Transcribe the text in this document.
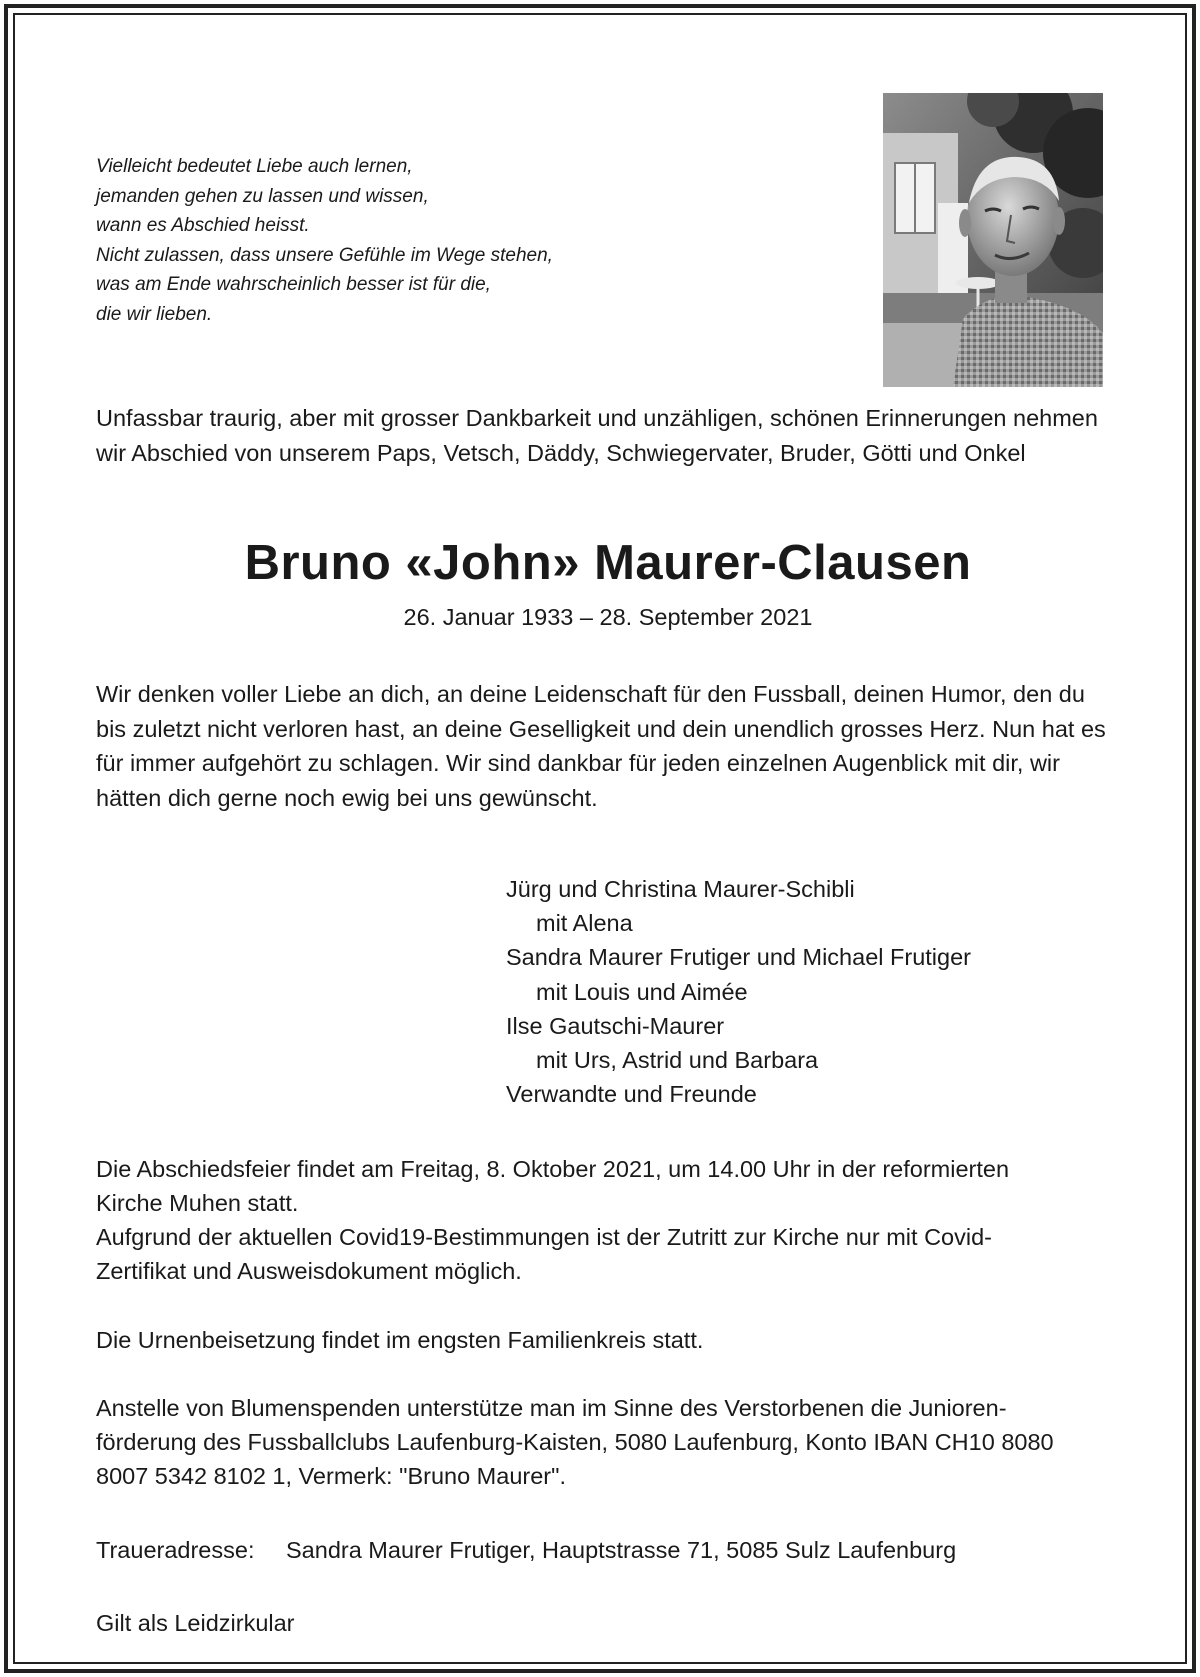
Vielleicht bedeutet Liebe auch lernen,
jemanden gehen zu lassen und wissen,
wann es Abschied heisst.
Nicht zulassen, dass unsere Gefühle im Wege stehen,
was am Ende wahrscheinlich besser ist für die,
die wir lieben.
Unfassbar traurig, aber mit grosser Dankbarkeit und unzähligen, schönen Erinnerungen nehmen wir Abschied von unserem Paps, Vetsch, Däddy, Schwiegervater, Bruder, Götti und Onkel
Bruno «John» Maurer-Clausen
26. Januar 1933 – 28. September 2021
Wir denken voller Liebe an dich, an deine Leidenschaft für den Fussball, deinen Humor, den du bis zuletzt nicht verloren hast, an deine Geselligkeit und dein unendlich grosses Herz. Nun hat es für immer aufgehört zu schlagen. Wir sind dankbar für jeden einzelnen Augenblick mit dir, wir hätten dich gerne noch ewig bei uns gewünscht.
Jürg und Christina Maurer-Schibli
mit Alena
Sandra Maurer Frutiger und Michael Frutiger
mit Louis und Aimée
Ilse Gautschi-Maurer
mit Urs, Astrid und Barbara
Verwandte und Freunde
Die Abschiedsfeier findet am Freitag, 8. Oktober 2021, um 14.00 Uhr in der reformierten
Kirche Muhen statt.
Aufgrund der aktuellen Covid19-Bestimmungen ist der Zutritt zur Kirche nur mit Covid-
Zertifikat und Ausweisdokument möglich.
Die Urnenbeisetzung findet im engsten Familienkreis statt.
Anstelle von Blumenspenden unterstütze man im Sinne des Verstorbenen die Junioren-
förderung des Fussballclubs Laufenburg-Kaisten, 5080 Laufenburg, Konto IBAN CH10 8080
8007 5342 8102 1, Vermerk: "Bruno Maurer".
Traueradresse: Sandra Maurer Frutiger, Hauptstrasse 71, 5085 Sulz Laufenburg
Gilt als Leidzirkular
